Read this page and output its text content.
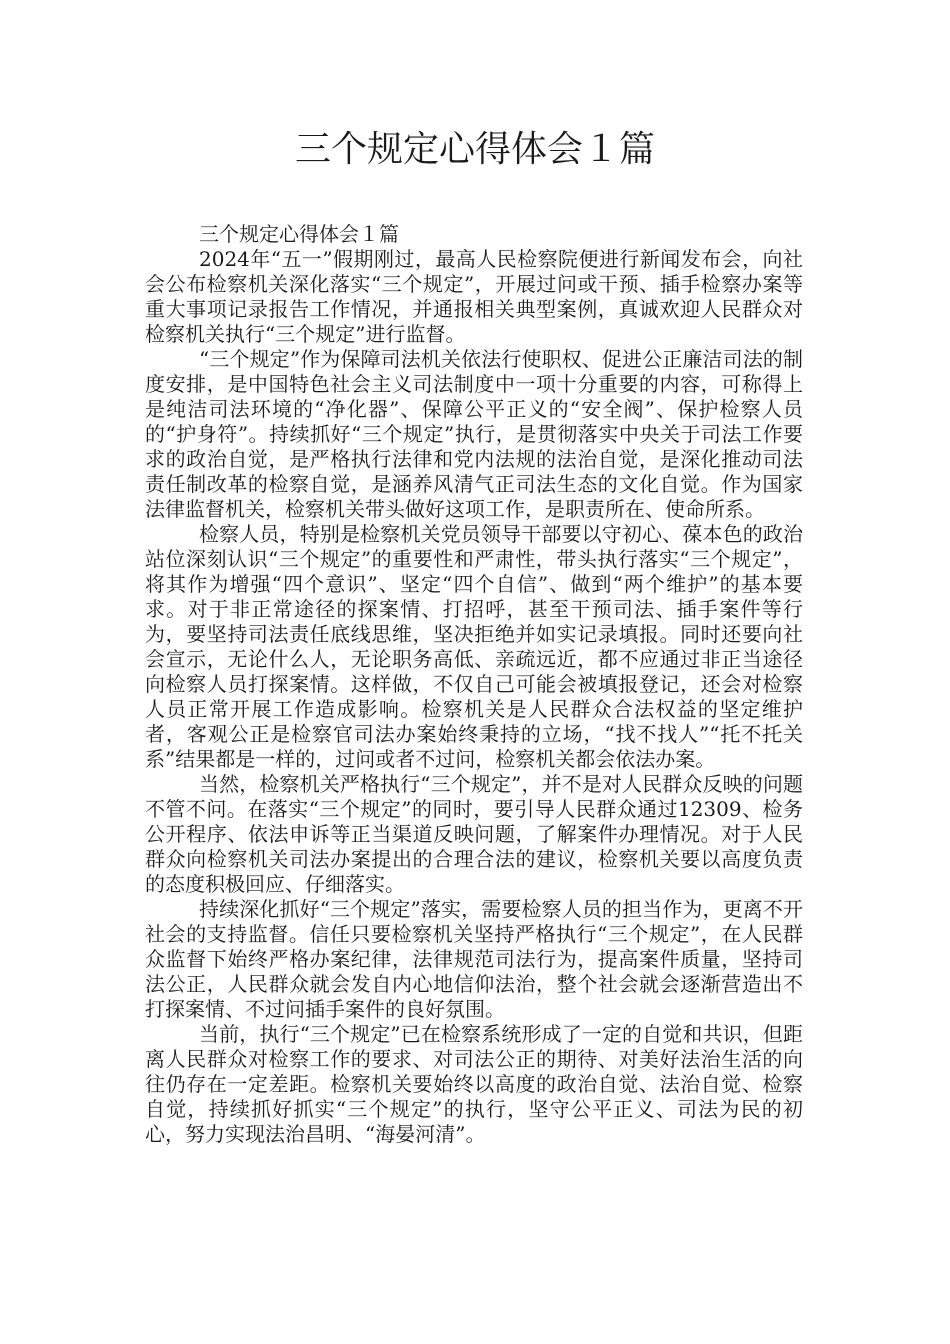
三个规定心得体会１篇

三个规定心得体会１篇

2024年“五一”假期刚过，最高人民检察院便进行新闻发布会，向社会公布检察机关深化落实“三个规定”，开展过问或干预、插手检察办案等重大事项记录报告工作情况，并通报相关典型案例，真诚欢迎人民群众对检察机关执行“三个规定”进行监督。

“三个规定”作为保障司法机关依法行使职权、促进公正廉洁司法的制度安排，是中国特色社会主义司法制度中一项十分重要的内容，可称得上是纯洁司法环境的“净化器”、保障公平正义的“安全阀”、保护检察人员的“护身符”。持续抓好“三个规定”执行，是贯彻落实中央关于司法工作要求的政治自觉，是严格执行法律和党内法规的法治自觉，是深化推动司法责任制改革的检察自觉，是涵养风清气正司法生态的文化自觉。作为国家法律监督机关，检察机关带头做好这项工作，是职责所在、使命所系。

检察人员，特别是检察机关党员领导干部要以守初心、葆本色的政治站位深刻认识“三个规定”的重要性和严肃性，带头执行落实“三个规定”，将其作为增强“四个意识”、坚定“四个自信”、做到“两个维护”的基本要求。对于非正常途径的探案情、打招呼，甚至干预司法、插手案件等行为，要坚持司法责任底线思维，坚决拒绝并如实记录填报。同时还要向社会宣示，无论什么人，无论职务高低、亲疏远近，都不应通过非正当途径向检察人员打探案情。这样做，不仅自己可能会被填报登记，还会对检察人员正常开展工作造成影响。检察机关是人民群众合法权益的坚定维护者，客观公正是检察官司法办案始终秉持的立场，“找不找人”“托不托关系”结果都是一样的，过问或者不过问，检察机关都会依法办案。

当然，检察机关严格执行“三个规定”，并不是对人民群众反映的问题不管不问。在落实“三个规定”的同时，要引导人民群众通过12309、检务公开程序、依法申诉等正当渠道反映问题，了解案件办理情况。对于人民群众向检察机关司法办案提出的合理合法的建议，检察机关要以高度负责的态度积极回应、仔细落实。

持续深化抓好“三个规定”落实，需要检察人员的担当作为，更离不开社会的支持监督。信任只要检察机关坚持严格执行“三个规定”，在人民群众监督下始终严格办案纪律，法律规范司法行为，提高案件质量，坚持司法公正，人民群众就会发自内心地信仰法治，整个社会就会逐渐营造出不打探案情、不过问插手案件的良好氛围。

当前，执行“三个规定”已在检察系统形成了一定的自觉和共识，但距离人民群众对检察工作的要求、对司法公正的期待、对美好法治生活的向往仍存在一定差距。检察机关要始终以高度的政治自觉、法治自觉、检察自觉，持续抓好抓实“三个规定”的执行，坚守公平正义、司法为民的初心，努力实现法治昌明、“海晏河清”。
